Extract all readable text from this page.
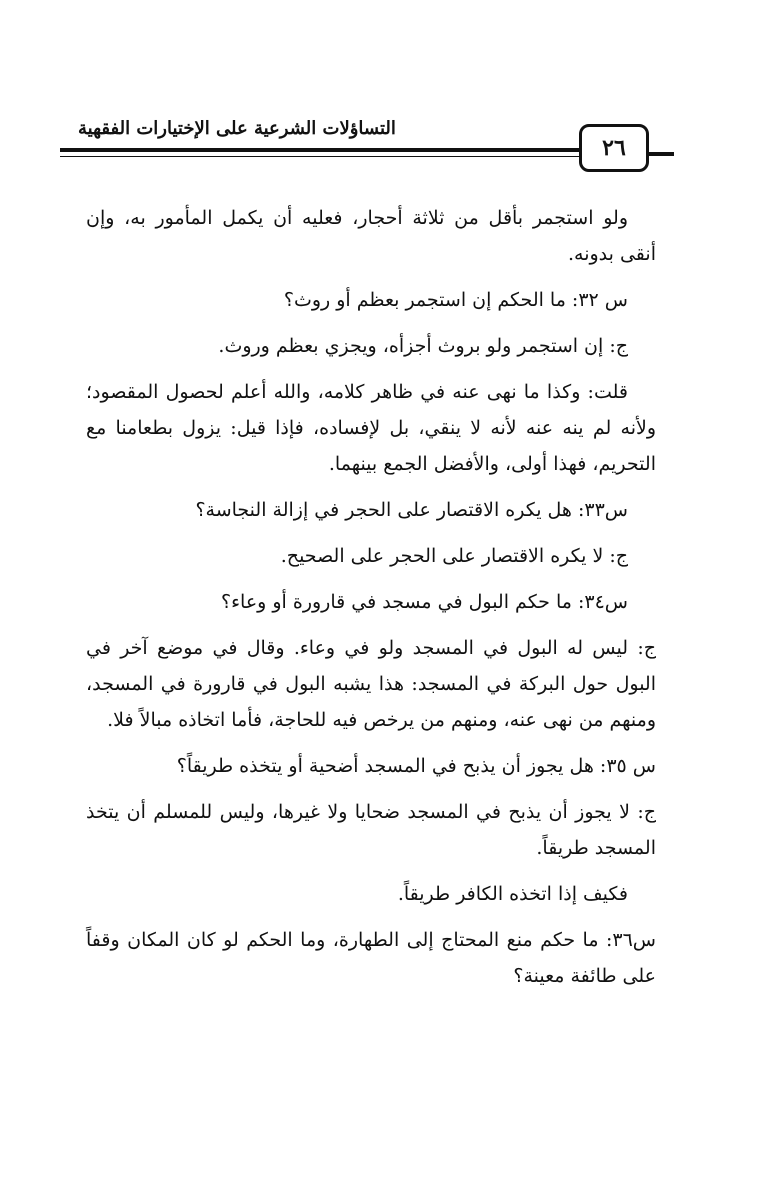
التساؤلات الشرعية على الإختيارات الفقهية
٢٦

ولو استجمر بأقل من ثلاثة أحجار، فعليه أن يكمل المأمور به، وإن أنقى بدونه.

س ٣٢: ما الحكم إن استجمر بعظم أو روث؟

ج: إن استجمر ولو بروث أجزأه، ويجزي بعظم وروث.

قلت: وكذا ما نهى عنه في ظاهر كلامه، والله أعلم لحصول المقصود؛ ولأنه لم ينه عنه لأنه لا ينقي، بل لإفساده، فإذا قيل: يزول بطعامنا مع التحريم، فهذا أولى، والأفضل الجمع بينهما.

س٣٣: هل يكره الاقتصار على الحجر في إزالة النجاسة؟

ج: لا يكره الاقتصار على الحجر على الصحيح.

س٣٤: ما حكم البول في مسجد في قارورة أو وعاء؟

ج: ليس له البول في المسجد ولو في وعاء. وقال في موضع آخر في البول حول البركة في المسجد: هذا يشبه البول في قارورة في المسجد، ومنهم من نهى عنه، ومنهم من يرخص فيه للحاجة، فأما اتخاذه مبالاً فلا.

س ٣٥: هل يجوز أن يذبح في المسجد أضحية أو يتخذه طريقاً؟

ج: لا يجوز أن يذبح في المسجد ضحايا ولا غيرها، وليس للمسلم أن يتخذ المسجد طريقاً.

فكيف إذا اتخذه الكافر طريقاً.

س٣٦: ما حكم منع المحتاج إلى الطهارة، وما الحكم لو كان المكان وقفاً على طائفة معينة؟
